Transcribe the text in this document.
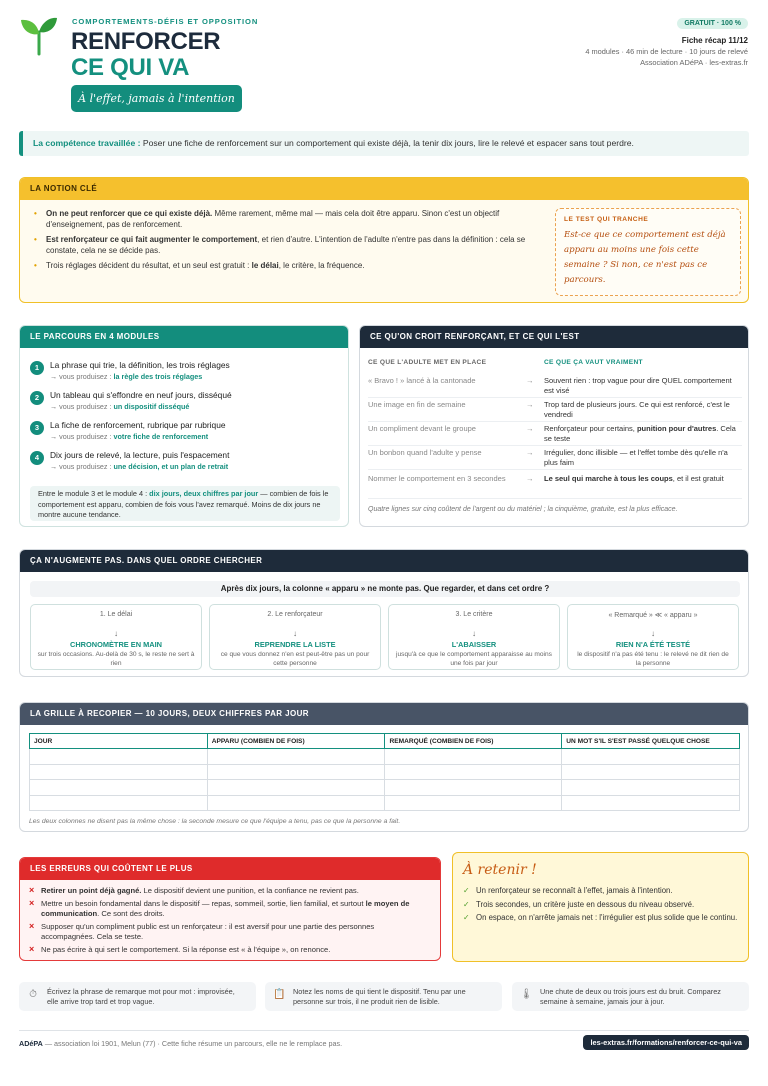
COMPORTEMENTS-DÉFIS ET OPPOSITION
RENFORCER
CE QUI VA
À l'effet, jamais à l'intention
GRATUIT · 100 %
Fiche récap 11/12
4 modules · 46 min de lecture · 10 jours de relevé
Association ADéPA · les-extras.fr
La compétence travaillée : Poser une fiche de renforcement sur un comportement qui existe déjà, la tenir dix jours, lire le relevé et espacer sans tout perdre.
LA NOTION CLÉ
• On ne peut renforcer que ce qui existe déjà. Même rarement, même mal — mais cela doit être apparu. Sinon c'est un objectif d'enseignement, pas de renforcement.
• Est renforçateur ce qui fait augmenter le comportement, et rien d'autre. L'intention de l'adulte n'entre pas dans la définition : cela se constate, cela ne se décide pas.
• Trois réglages décident du résultat, et un seul est gratuit : le délai, le critère, la fréquence.
LE TEST QUI TRANCHE
Est-ce que ce comportement est déjà apparu au moins une fois cette semaine ? Si non, ce n'est pas ce parcours.
LE PARCOURS EN 4 MODULES
1	La phrase qui trie, la définition, les trois réglages
→ vous produisez : la règle des trois réglages
2	Un tableau qui s'effondre en neuf jours, disséqué
→ vous produisez : un dispositif disséqué
3	La fiche de renforcement, rubrique par rubrique
→ vous produisez : votre fiche de renforcement
4	Dix jours de relevé, la lecture, puis l'espacement
→ vous produisez : une décision, et un plan de retrait
Entre le module 3 et le module 4 : dix jours, deux chiffres par jour — combien de fois le comportement est apparu, combien de fois vous l'avez remarqué. Moins de dix jours ne montre aucune tendance.
CE QU'ON CROIT RENFORÇANT, ET CE QUI L'EST
CE QUE L'ADULTE MET EN PLACE	CE QUE ÇA VAUT VRAIMENT
« Bravo ! » lancé à la cantonade	→ Souvent rien : trop vague pour dire QUEL comportement est visé
Une image en fin de semaine	→ Trop tard de plusieurs jours. Ce qui est renforcé, c'est le vendredi
Un compliment devant le groupe	→ Renforçateur pour certains, punition pour d'autres. Cela se teste
Un bonbon quand l'adulte y pense	→ Irrégulier, donc illisible — et l'effet tombe dès qu'elle n'a plus faim
Nommer le comportement en 3 secondes	→ Le seul qui marche à tous les coups, et il est gratuit
Quatre lignes sur cinq coûtent de l'argent ou du matériel ; la cinquième, gratuite, est la plus efficace.
ÇA N'AUGMENTE PAS. DANS QUEL ORDRE CHERCHER
Après dix jours, la colonne « apparu » ne monte pas. Que regarder, et dans cet ordre ?
1. Le délai
↓
CHRONOMÈTRE EN MAIN
sur trois occasions. Au-delà de 30 s, le reste ne sert à rien
2. Le renforçateur
↓
REPRENDRE LA LISTE
ce que vous donnez n'en est peut-être pas un pour cette personne
3. Le critère
↓
L'ABAISSER
jusqu'à ce que le comportement apparaisse au moins une fois par jour
« Remarqué » ≪ « apparu »
↓
RIEN N'A ÉTÉ TESTÉ
le dispositif n'a pas été tenu : le relevé ne dit rien de la personne
LA GRILLE À RECOPIER — 10 JOURS, DEUX CHIFFRES PAR JOUR
JOUR	APPARU (COMBIEN DE FOIS)	REMARQUÉ (COMBIEN DE FOIS)	UN MOT S'IL S'EST PASSÉ QUELQUE CHOSE

Les deux colonnes ne disent pas la même chose : la seconde mesure ce que l'équipe a tenu, pas ce que la personne a fait.
LES ERREURS QUI COÛTENT LE PLUS
× Retirer un point déjà gagné. Le dispositif devient une punition, et la confiance ne revient pas.
× Mettre un besoin fondamental dans le dispositif — repas, sommeil, sortie, lien familial, et surtout le moyen de communication. Ce sont des droits.
× Supposer qu'un compliment public est un renforçateur : il est aversif pour une partie des personnes accompagnées. Cela se teste.
× Ne pas écrire à qui sert le comportement. Si la réponse est « à l'équipe », on renonce.
À retenir !
✓ Un renforçateur se reconnaît à l'effet, jamais à l'intention.
✓ Trois secondes, un critère juste en dessous du niveau observé.
✓ On espace, on n'arrête jamais net : l'irrégulier est plus solide que le continu.
⏱ Écrivez la phrase de remarque mot pour mot : improvisée, elle arrive trop tard et trop vague.
📋 Notez les noms de qui tient le dispositif. Tenu par une personne sur trois, il ne produit rien de lisible.
🌡 Une chute de deux ou trois jours est du bruit. Comparez semaine à semaine, jamais jour à jour.
ADéPA — association loi 1901, Melun (77) · Cette fiche résume un parcours, elle ne le remplace pas.	les-extras.fr/formations/renforcer-ce-qui-va
